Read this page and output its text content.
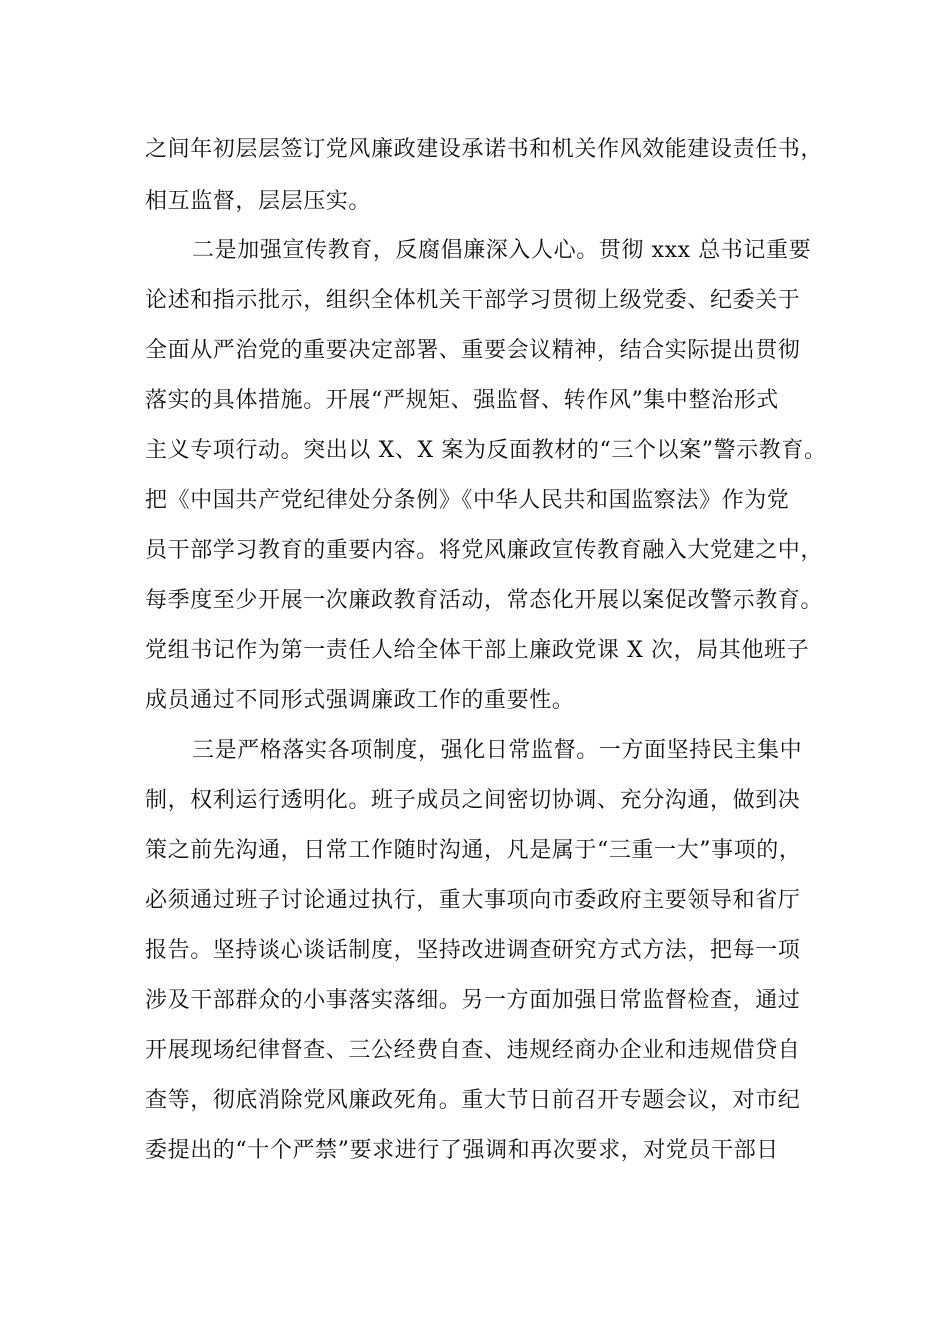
之间年初层层签订党风廉政建设承诺书和机关作风效能建设责任书，
相互监督，层层压实。
二是加强宣传教育，反腐倡廉深入人心。贯彻 xxx 总书记重要
论述和指示批示，组织全体机关干部学习贯彻上级党委、纪委关于
全面从严治党的重要决定部署、重要会议精神，结合实际提出贯彻
落实的具体措施。开展“严规矩、强监督、转作风”集中整治形式
主义专项行动。突出以 X、X 案为反面教材的“三个以案”警示教育。
把《中国共产党纪律处分条例》《中华人民共和国监察法》作为党
员干部学习教育的重要内容。将党风廉政宣传教育融入大党建之中，
每季度至少开展一次廉政教育活动，常态化开展以案促改警示教育。
党组书记作为第一责任人给全体干部上廉政党课 X 次，局其他班子
成员通过不同形式强调廉政工作的重要性。
三是严格落实各项制度，强化日常监督。一方面坚持民主集中
制，权利运行透明化。班子成员之间密切协调、充分沟通，做到决
策之前先沟通，日常工作随时沟通，凡是属于“三重一大”事项的，
必须通过班子讨论通过执行，重大事项向市委政府主要领导和省厅
报告。坚持谈心谈话制度，坚持改进调查研究方式方法，把每一项
涉及干部群众的小事落实落细。另一方面加强日常监督检查，通过
开展现场纪律督查、三公经费自查、违规经商办企业和违规借贷自
查等，彻底消除党风廉政死角。重大节日前召开专题会议，对市纪
委提出的“十个严禁”要求进行了强调和再次要求，对党员干部日
